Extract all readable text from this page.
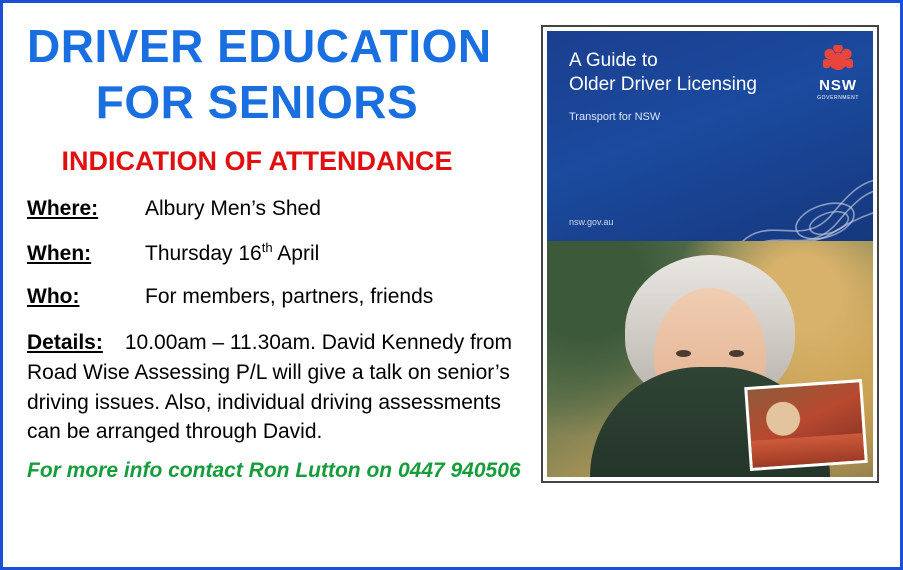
DRIVER EDUCATION
FOR SENIORS
INDICATION OF ATTENDANCE
Where:	Albury Men’s Shed
When:	Thursday 16th April
Who:	For members, partners, friends
Details: 10.00am – 11.30am. David Kennedy from Road Wise Assessing P/L will give a talk on senior’s driving issues. Also, individual driving assessments can be arranged through David.
For more info contact Ron Lutton on 0447 940506
A Guide to
Older Driver Licensing
Transport for NSW
nsw.gov.au
NSW
GOVERNMENT
